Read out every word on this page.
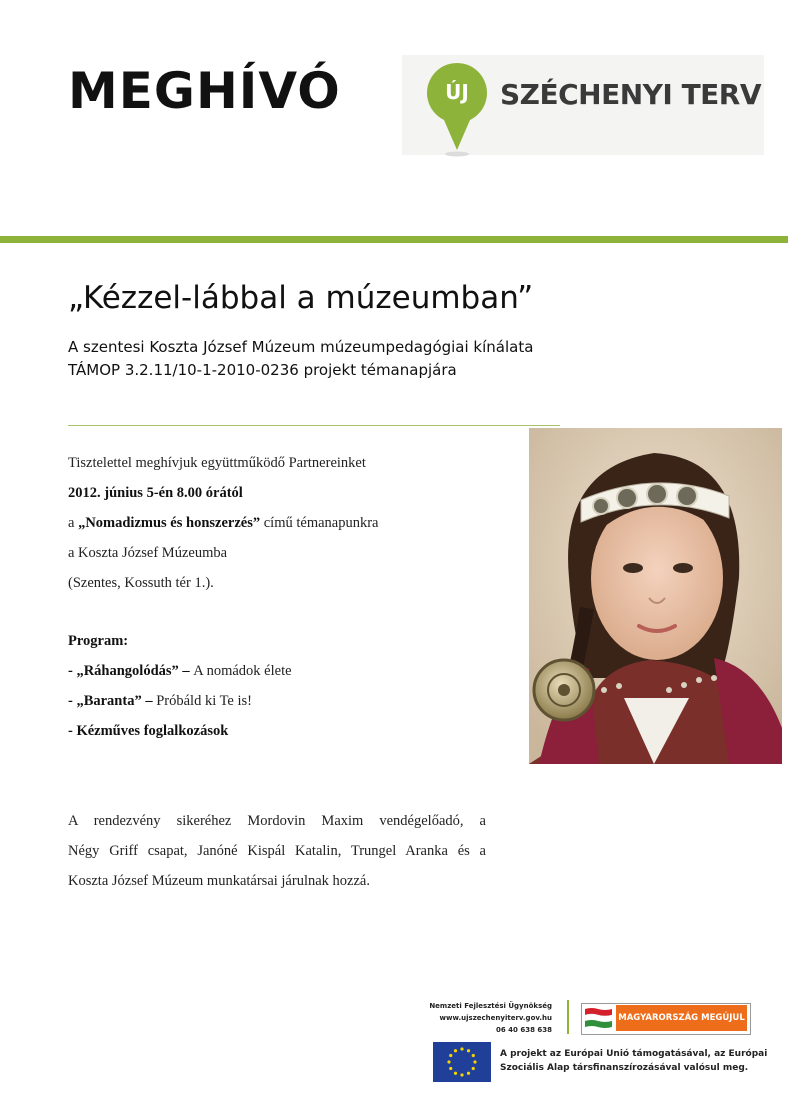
MEGHÍVÓ	ÚJ SZÉCHENYI TERV
„Kézzel-lábbal a múzeumban”
A szentesi Koszta József Múzeum múzeumpedagógiai kínálata
TÁMOP 3.2.11/10-1-2010-0236 projekt témanapjára
Tisztelettel meghívjuk együttműködő Partnereinket
2012. június 5-én 8.00 órától
a „Nomadizmus és honszerzés” című témanapunkra
a Koszta József Múzeumba
(Szentes, Kossuth tér 1.).
Program:
- „Ráhangolódás” – A nomádok élete
- „Baranta” – Próbáld ki Te is!
- Kézműves foglalkozások
A rendezvény sikeréhez Mordovin Maxim vendégelőadó, a
Négy Griff csapat, Janóné Kispál Katalin, Trungel Aranka és a
Koszta József Múzeum munkatársai járulnak hozzá.
Nemzeti Fejlesztési Ügynökség
www.ujszechenyiterv.gov.hu
06 40 638 638
MAGYARORSZÁG MEGÚJUL
A projekt az Európai Unió támogatásával, az Európai
Szociális Alap társfinanszírozásával valósul meg.
